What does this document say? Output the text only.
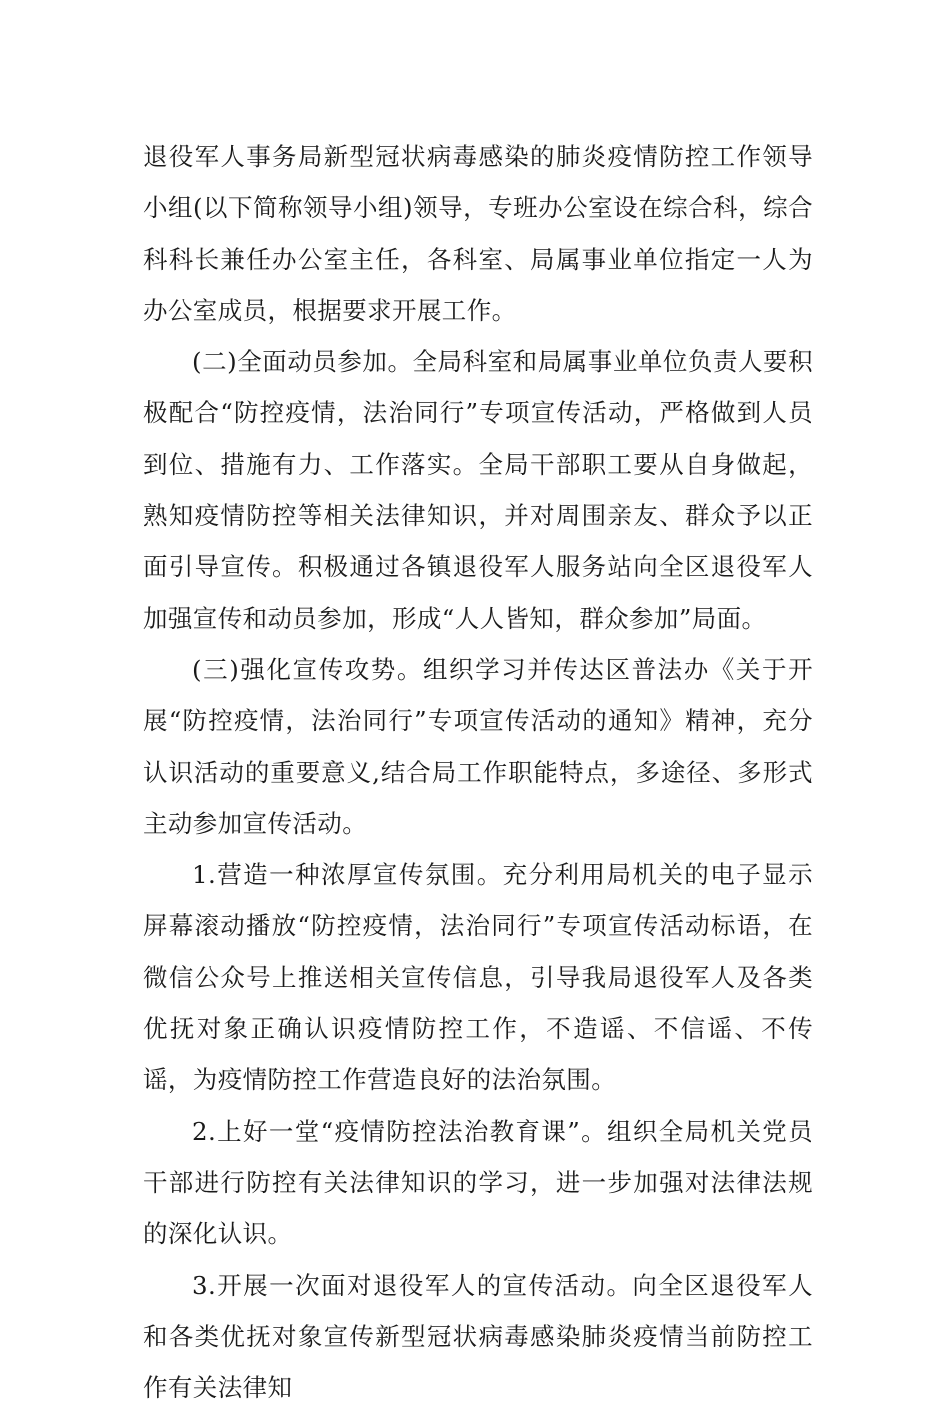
退役军人事务局新型冠状病毒感染的肺炎疫情防控工作领导小组(以下简称领导小组)领导，专班办公室设在综合科，综合科科长兼任办公室主任，各科室、局属事业单位指定一人为办公室成员，根据要求开展工作。

(二)全面动员参加。全局科室和局属事业单位负责人要积极配合“防控疫情，法治同行”专项宣传活动，严格做到人员到位、措施有力、工作落实。全局干部职工要从自身做起，熟知疫情防控等相关法律知识，并对周围亲友、群众予以正面引导宣传。积极通过各镇退役军人服务站向全区退役军人加强宣传和动员参加，形成“人人皆知，群众参加”局面。

(三)强化宣传攻势。组织学习并传达区普法办《关于开展“防控疫情，法治同行”专项宣传活动的通知》精神，充分认识活动的重要意义,结合局工作职能特点，多途径、多形式主动参加宣传活动。

1.营造一种浓厚宣传氛围。充分利用局机关的电子显示屏幕滚动播放“防控疫情，法治同行”专项宣传活动标语，在微信公众号上推送相关宣传信息，引导我局退役军人及各类优抚对象正确认识疫情防控工作，不造谣、不信谣、不传谣，为疫情防控工作营造良好的法治氛围。

2.上好一堂“疫情防控法治教育课”。组织全局机关党员干部进行防控有关法律知识的学习，进一步加强对法律法规的深化认识。

3.开展一次面对退役军人的宣传活动。向全区退役军人和各类优抚对象宣传新型冠状病毒感染肺炎疫情当前防控工作有关法律知
